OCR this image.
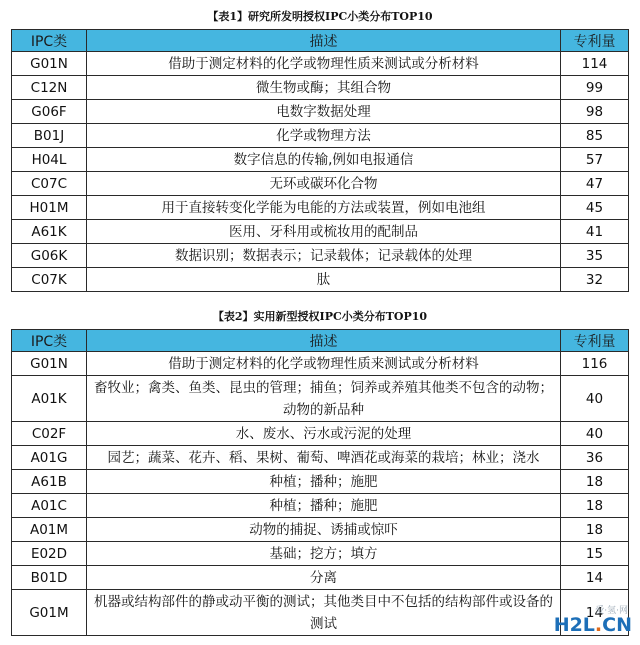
【表1】研究所发明授权IPC小类分布TOP10
IPC类	描述	专利量
G01N	借助于测定材料的化学或物理性质来测试或分析材料	114
C12N	微生物或酶；其组合物	99
G06F	电数字数据处理	98
B01J	化学或物理方法	85
H04L	数字信息的传输,例如电报通信	57
C07C	无环或碳环化合物	47
H01M	用于直接转变化学能为电能的方法或装置，例如电池组	45
A61K	医用、牙科用或梳妆用的配制品	41
G06K	数据识别；数据表示；记录载体；记录载体的处理	35
C07K	肽	32
【表2】实用新型授权IPC小类分布TOP10
IPC类	描述	专利量
G01N	借助于测定材料的化学或物理性质来测试或分析材料	116
A01K	畜牧业；禽类、鱼类、昆虫的管理；捕鱼；饲养或养殖其他类不包含的动物；动物的新品种	40
C02F	水、废水、污水或污泥的处理	40
A01G	园艺；蔬菜、花卉、稻、果树、葡萄、啤酒花或海菜的栽培；林业；浇水	36
A61B	种植；播种；施肥	18
A01C	种植；播种；施肥	18
A01M	动物的捕捉、诱捕或惊吓	18
E02D	基础；挖方；填方	15
B01D	分离	14
G01M	机器或结构部件的静或动平衡的测试；其他类目中不包括的结构部件或设备的测试	14
爱·氢·网
H2L.CN
